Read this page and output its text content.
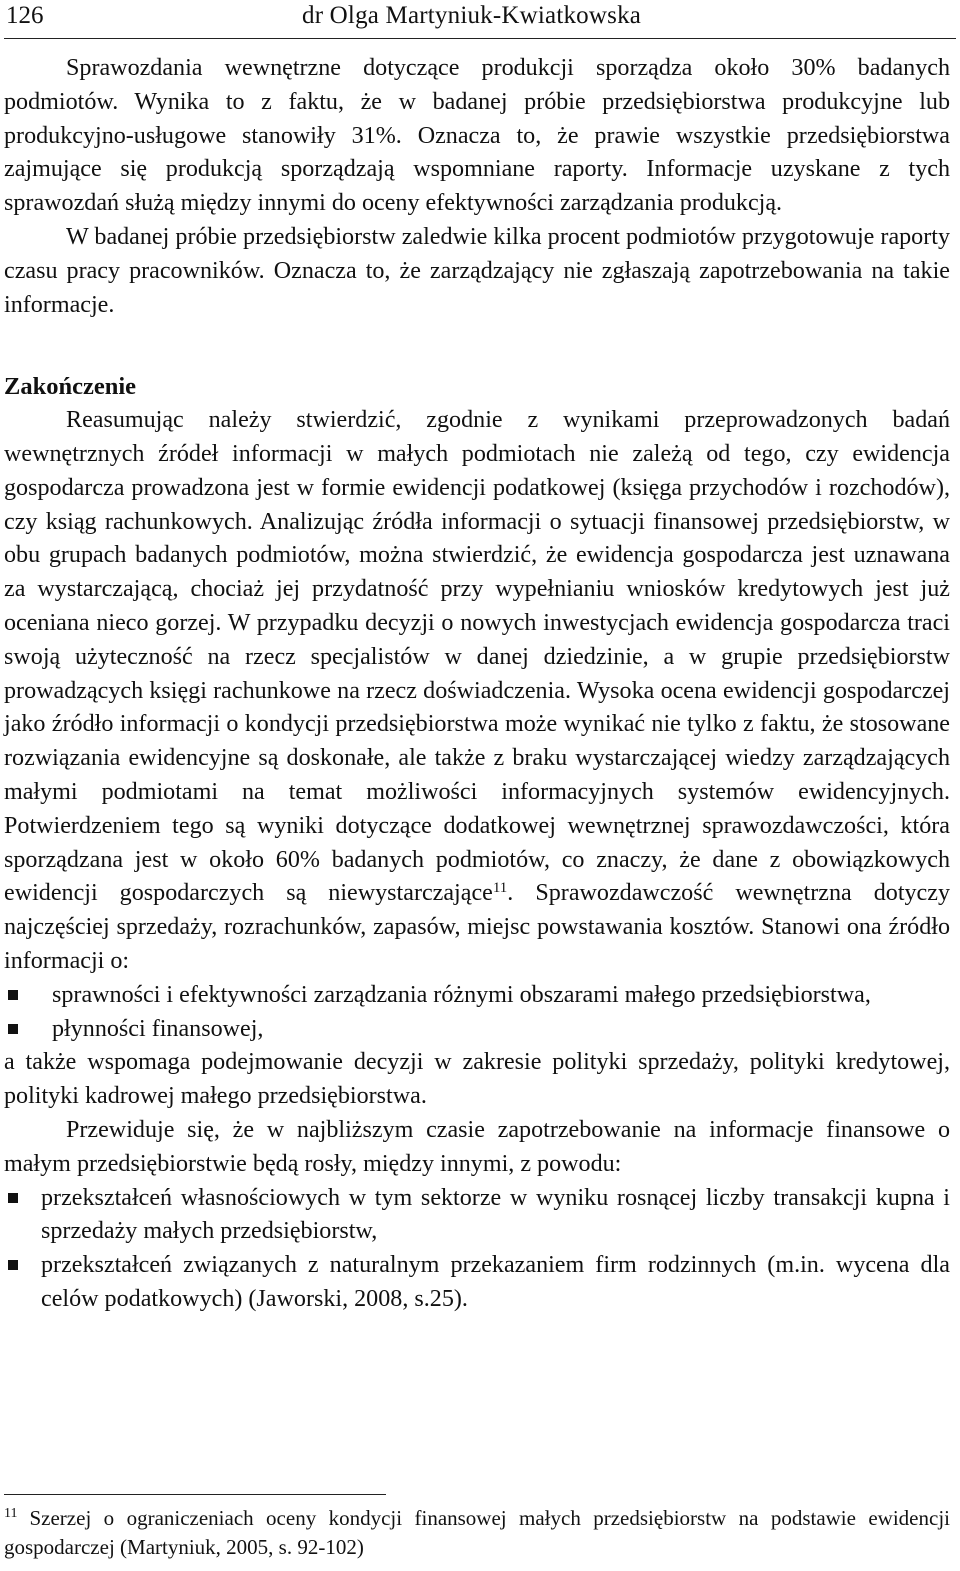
126	dr Olga Martyniuk-Kwiatkowska

Sprawozdania wewnętrzne dotyczące produkcji sporządza około 30% badanych podmiotów. Wynika to z faktu, że w badanej próbie przedsiębiorstwa produkcyjne lub produkcyjno-usługowe stanowiły 31%. Oznacza to, że prawie wszystkie przedsiębiorstwa zajmujące się produkcją sporządzają wspomniane raporty. Informacje uzyskane z tych sprawozdań służą między innymi do oceny efektywności zarządzania produkcją.

W badanej próbie przedsiębiorstw zaledwie kilka procent podmiotów przygotowuje raporty czasu pracy pracowników. Oznacza to, że zarządzający nie zgłaszają zapotrzebowania na takie informacje.

Zakończenie

Reasumując należy stwierdzić, zgodnie z wynikami przeprowadzonych badań wewnętrznych źródeł informacji w małych podmiotach nie zależą od tego, czy ewidencja gospodarcza prowadzona jest w formie ewidencji podatkowej (księga przychodów i rozchodów), czy ksiąg rachunkowych. Analizując źródła informacji o sytuacji finansowej przedsiębiorstw, w obu grupach badanych podmiotów, można stwierdzić, że ewidencja gospodarcza jest uznawana za wystarczającą, chociaż jej przydatność przy wypełnianiu wniosków kredytowych jest już oceniana nieco gorzej. W przypadku decyzji o nowych inwestycjach ewidencja gospodarcza traci swoją użyteczność na rzecz specjalistów w danej dziedzinie, a w grupie przedsiębiorstw prowadzących księgi rachunkowe na rzecz doświadczenia. Wysoka ocena ewidencji gospodarczej jako źródło informacji o kondycji przedsiębiorstwa może wynikać nie tylko z faktu, że stosowane rozwiązania ewidencyjne są doskonałe, ale także z braku wystarczającej wiedzy zarządzających małymi podmiotami na temat możliwości informacyjnych systemów ewidencyjnych. Potwierdzeniem tego są wyniki dotyczące dodatkowej wewnętrznej sprawozdawczości, która sporządzana jest w około 60% badanych podmiotów, co znaczy, że dane z obowiązkowych ewidencji gospodarczych są niewystarczające$^{11}$. Sprawozdawczość wewnętrzna dotyczy najczęściej sprzedaży, rozrachunków, zapasów, miejsc powstawania kosztów. Stanowi ona źródło informacji o:

sprawności i efektywności zarządzania różnymi obszarami małego przedsiębiorstwa,
płynności finansowej,

a także wspomaga podejmowanie decyzji w zakresie polityki sprzedaży, polityki kredytowej, polityki kadrowej małego przedsiębiorstwa.

Przewiduje się, że w najbliższym czasie zapotrzebowanie na informacje finansowe o małym przedsiębiorstwie będą rosły, między innymi, z powodu:

przekształceń własnościowych w tym sektorze w wyniku rosnącej liczby transakcji kupna i sprzedaży małych przedsiębiorstw,
przekształceń związanych z naturalnym przekazaniem firm rodzinnych (m.in. wycena dla celów podatkowych) (Jaworski, 2008, s.25).
$^{11}$ Szerzej o ograniczeniach oceny kondycji finansowej małych przedsiębiorstw na podstawie ewidencji gospodarczej (Martyniuk, 2005, s. 92-102)
